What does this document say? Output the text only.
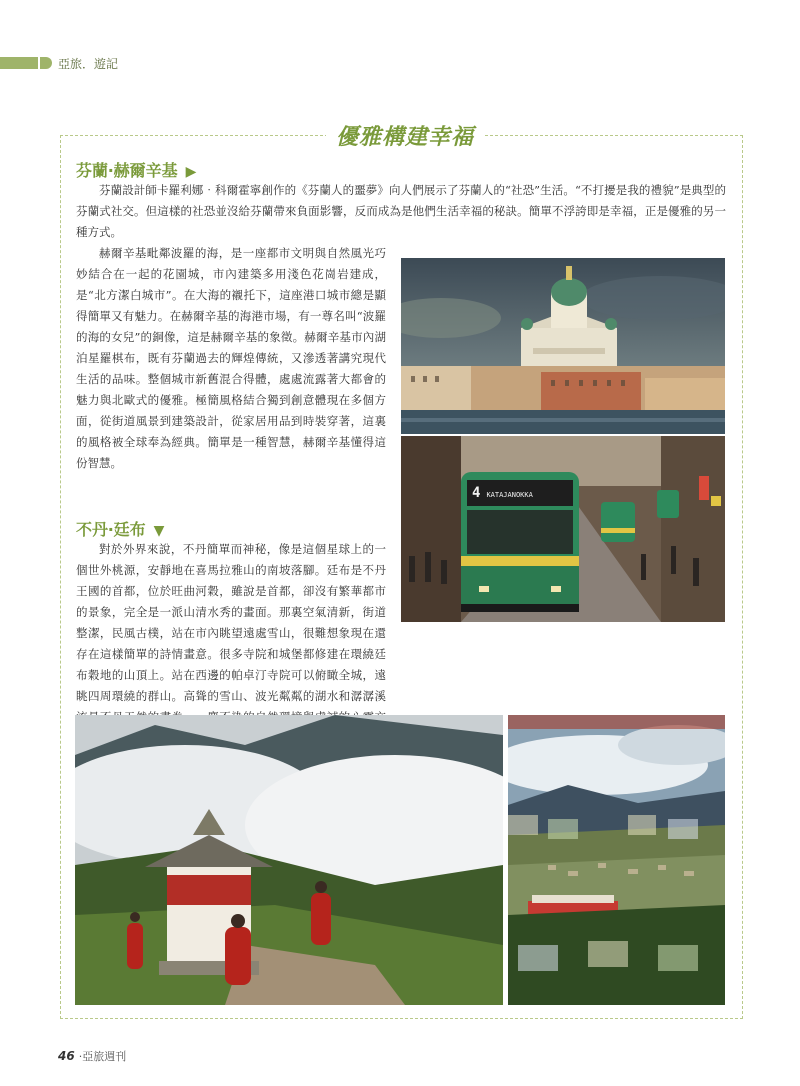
亞旅．遊記
優雅構建幸福
芬蘭‧赫爾辛基 ▶

芬蘭設計師卡羅利娜‧科爾霍寧創作的《芬蘭人的噩夢》向人們展示了芬蘭人的“社恐”生活。“不打擾是我的禮貌”是典型的芬蘭式社交。但這樣的社恐並沒給芬蘭帶來負面影響，反而成為是他們生活幸福的秘訣。簡單不浮誇即是幸福，正是優雅的另一種方式。

赫爾辛基毗鄰波羅的海，是一座都市文明與自然風光巧妙結合在一起的花園城，市內建築多用淺色花崗岩建成，是“北方潔白城市”。在大海的襯托下，這座港口城市總是顯得簡單又有魅力。在赫爾辛基的海港市場，有一尊名叫“波羅的海的女兒”的銅像，這是赫爾辛基的象徵。赫爾辛基市內湖泊星羅棋布，既有芬蘭過去的輝煌傳統，又滲透著講究現代生活的品味。整個城市新舊混合得體，處處流露著大都會的魅力與北歐式的優雅。極簡風格結合獨到創意體現在多個方面，從街道風景到建築設計，從家居用品到時裝穿著，這裏的風格被全球奉為經典。簡單是一種智慧，赫爾辛基懂得這份智慧。

4 KATAJANOKKA
不丹‧廷布 ▼

對於外界來說，不丹簡單而神秘，像是這個星球上的一個世外桃源，安靜地在喜馬拉雅山的南坡落腳。廷布是不丹王國的首都，位於旺曲河穀，雖說是首都，卻沒有繁華都市的景象，完全是一派山清水秀的畫面。那裏空氣清新，街道整潔，民風古樸，站在市內眺望遠處雪山，很難想象現在還存在這樣簡單的詩情畫意。很多寺院和城堡都修建在環繞廷布穀地的山頂上。站在西邊的帕卓汀寺院可以俯瞰全城，遠眺四周環繞的群山。高聳的雪山、波光粼粼的湖水和潺潺溪

46 ‧亞旅週刊
